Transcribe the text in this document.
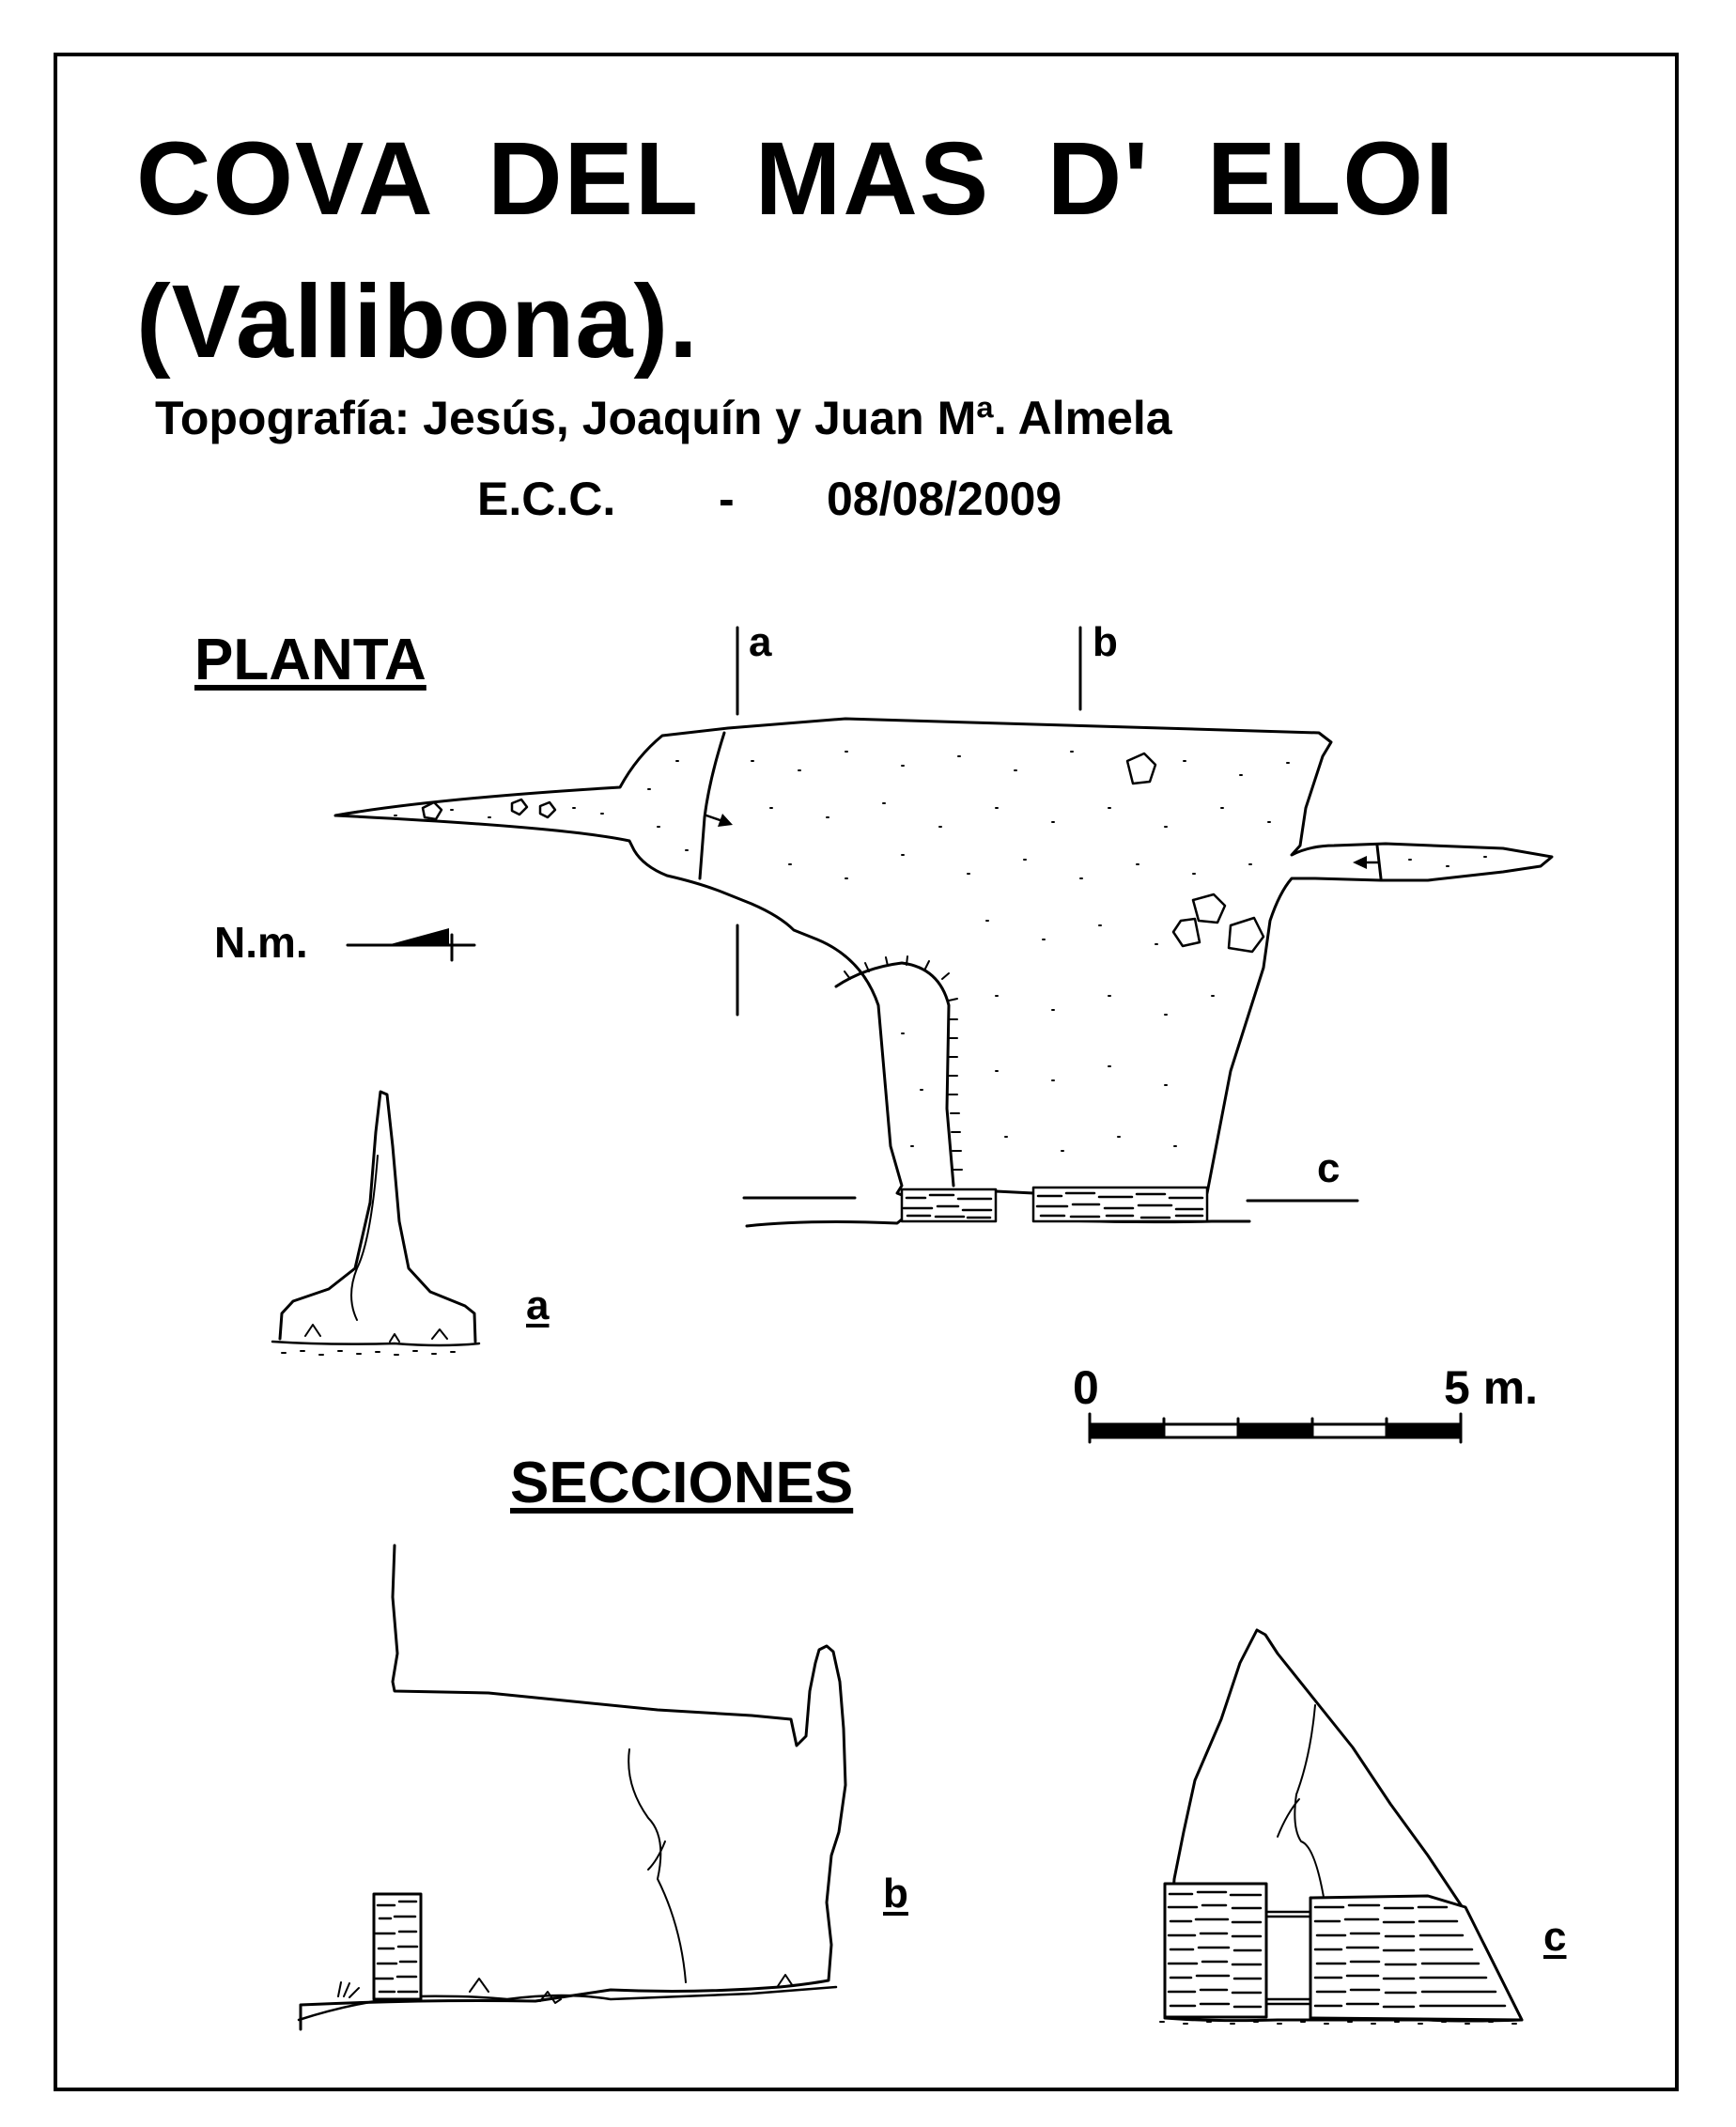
COVA DEL MAS D' ELOI
(Vallibona).
Topografía: Jesús, Joaquín y Juan Mª. Almela
E.C.C. - 08/08/2009
PLANTA
SECCIONES
N.m.
a	b
c
a
b
c
0	5 m.
